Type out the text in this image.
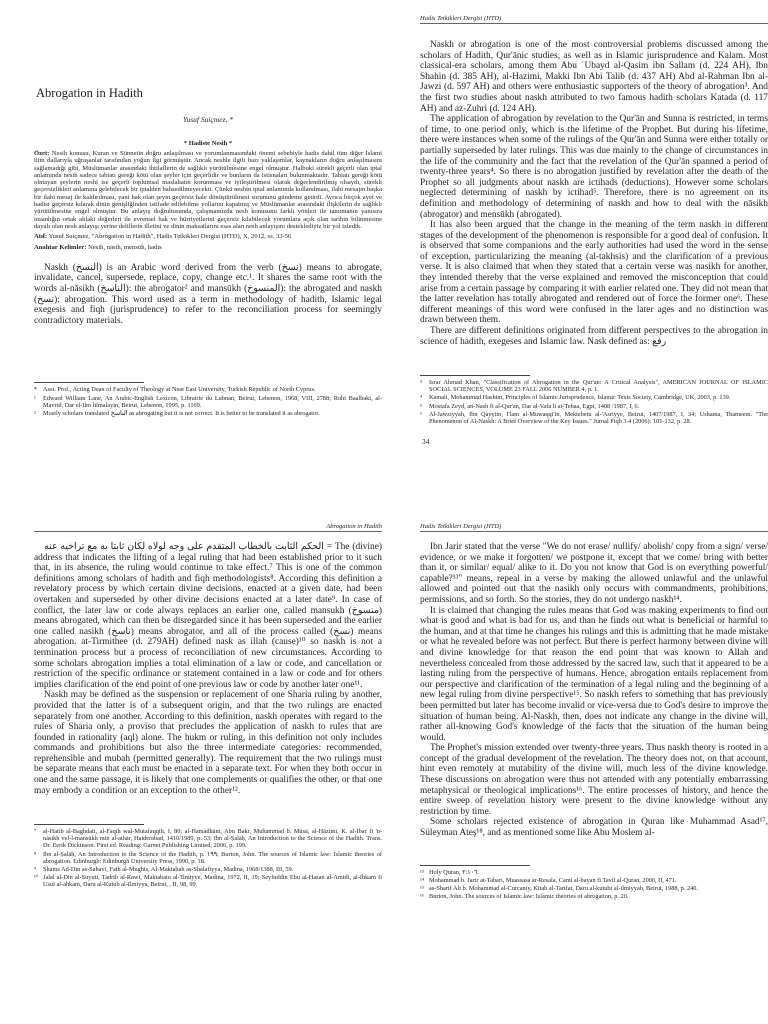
Abrogation in Hadith
Yusuf Suiçmez, *
* Hadiste Nesih *

Özet: Nesih konusu, Kuran ve Sünnetin doğru anlaşılması ve yorumlanmasındaki önemi sebebiyle hadis dahil tüm diğer İslami ilim dallarıyla uğraşanlar tarafından yoğun ilgi görmüştür. Ancak neshle ilgili bazı yaklaşımlar, kaynakların doğru anlaşılmasını sağlamadığı gibi, Müslümanlar arasındaki ihtilaflerin de sağlıklı yürütülmesine engel olmuştur. Halbuki sürekli geçerli olan iptal anlamında nesih sadece tabiatı gereği kötü olan şeyler için geçerlidir ve bunların da istisnaları bulunmaktadır. Tabiatı gereği kötü olmayan şeylerin neshi ise geçerli toplumsal maslahatın korunması ve iyileştirilmesi olarak değerlendirilmiş olsaydı, sürekli geçersizlikleri anlamına gelebilecek bir iptalden bahsedilmeyecekti. Çünkü neshin iptal anlamında kullanılması, ilahi mesajın başka bir ilahi mesaj ile kaldırılması, yani hak olan şeyin geçersiz hale dönüştürülmesi sorununu gündeme getirdi. Ayrıca birçok ayet ve hadisi geçersiz kılarak dinin genişliğinden istifade edilebilme yollarını kapatmış ve Müslümanlar arasındaki ilişkilerin de sağlıklı yürütülmesine engel olmuştur. Bu anlayış doğrultusunda, çalışmamızda nesh konusunu farklı yönleri ile tanıtmanın yanısıra insanlığın ortak ahlaki değerleri ile evrensel hak ve hürriyetlerini geçersiz kılabilecek yorumlara açık olan tarihin bilinmesine dayalı olan nesh anlayışı yerine delillerin illetini ve dinin maksatlarını esas alan nesh anlayışını desteklediyiz bir yol izledik.

Atıf: Yusuf Suiçmez, "Abrogation in Hadith", Hadis Tetkikleri Dergisi (HTD), X, 2012, ss. 33-56

Anahtar Kelimler: Nesih, nāsih, mensūh, hadis

Naskh (النسخ) is an Arabic word derived from the verb (نسخ) means to abrogate, invalidate, cancel, supersede, replace, copy, change etc.¹. It shares the same root with the words al-nāsikh (الناسخ): the abrogator² and mansūkh (المنسوخ): the abrogated and naskh (نسخ): abrogation. This word used as a term in methodology of hadith, Islamic legal exegesis and fiqh (jurisprudence) to refer to the reconciliation process for seemingly contradictory materials.

* Asst. Prof., Acting Dean of Faculty of Theology at Near East University, Turkish Republic of North Cyprus.
¹	Edward William Lane, An Arabic-English Lexicon, Librairie du Lubnan, Beirut, Lebenon, 1968, VIII, 2788; Rohi Baalbaki, al-Mavrid, Dar el-Ilm lilmalayin, Beirut, Lebenon, 1995, p. 1169.
²	Mostly scholars translated الناسخ as abrogating but it is not correct. It is better to be translated it as abrogator.
Hadis Tetkikleri Dergisi (HTD)

Naskh or abrogation is one of the most controversial problems discussed among the scholars of Hadith, Qur'ānic studies, as well as in Islamic jurisprudence and Kalam. Most classical-era scholars, among them Abu ʿUbayd al-Qasim ibn Sallam (d. 224 AH), Ibn Shahin (d. 385 AH), al-Hazimi, Makki Ibn Abi Talib (d. 437 AH) Abd al-Rahman Ibn al-Jawzi (d. 597 AH) and others were enthusiastic supporters of the theory of abrogation³. And the first two studies about naskh attributed to two famous hadith scholars Katada (d. 117 AH) and az-Zuhri (d. 124 AH).

The application of abrogation by revelation to the Qur'ān and Sunna is restricted, in terms of time, to one period only, which is the lifetime of the Prophet. But during his lifetime, there were instances when some of the rulings of the Qur'ān and Sunna were either totally or partially superseded by later rulings. This was due mainly to the change of circumstances in the life of the community and the fact that the revelation of the Qur'ān spanned a period of twenty-three years⁴. So there is no abrogation justified by revelation after the death of the Prophet so all judgments about naskh are ictihads (deductions). However some scholars neglected determining of naskh by ictihad⁵. Therefore, there is no agreement on its definition and methodology of determining of naskh and how to deal with the nāsikh (abrogator) and mensūkh (abrogated).

It has also been argued that the change in the meaning of the term naskh in different stages of the development of the phenomenon is responsible for a good deal of confusion. It is observed that some companions and the early authorities had used the word in the sense of exception, particularizing the meaning (al-takhsis) and the clarification of a previous verse. It is also claimed that when they stated that a certain verse was nasikh for another, they intended thereby that the verse explained and removed the misconception that could arise from a certain passage by comparing it with earlier related one. They did not mean that the latter revelation has totally abrogated and rendered out of force the former one⁶. These different meanings of this word were confused in the later ages and no distinction was drawn between them.

There are different definitions originated from different perspectives to the abrogation in science of hadith, exegeses and Islamic law. Nask defined as: رفع

³	Israr Ahmad Khan, "Classification of Abrogation in the Qur'an: A Critical Analysis", AMERICAN JOURNAL OF ISLAMIC SOCIAL SCIENCES, VOLUME 23 FALL 2006 NUMBER 4, p. 1.
⁴	Kamali, Mohammad Hashim, Principles of Islamic Jurisprudence, Islamic Texts Society, Cambridge, UK, 2003, p. 139.
⁵	Mostafa Zeyd, an-Nash fi al-Qur'an, Dar al-Vafa li at-Tebaa, Egpt, 1408 /1987, I, 6.
⁶	Al-Jawziyyah, Ibn Qayyim, I'lam al-Muwaqqi'in, Mektebetu al-'Asriyye, Beirut, 1407/1987, I, 34; Ushama, Thameem. "The Phenomenon of Al-Naskh: A Brief Overview of the Key Issues." Jurnal Fiqh 3.4 (2006): 101-132, p. 28.
34
Abrogation in Hadith

الحكم الثابت بالخطاب المتقدم على وجه لولاه لكان ثابتا به مع تراخيه عنه = The (divine) address that indicates the lifting of a legal ruling that had been established prior to it such that, in its absence, the ruling would continue to take effect.⁷ This is one of the common definitions among scholars of hadith and fiqh methodologists⁸. According this definition a revelatory process by which certain divine decisions, enacted at a given date, had been overtaken and superseded by other divine decisions enacted at a later date⁹. In case of conflict, the later law or code always replaces an earlier one, called mansukh (منسوخ) means abrogated, which can then be disregarded since it has been superseded and the earlier one called nasikh (ناسخ) means abrogator, and all of the process called (نسخ) means abrogation. at-Tirmithee (d. 279AH) defined nask as illah (cause)¹⁰ so naskh is not a termination process but a process of reconciliation of new circumstances. According to some scholars abrogation implies a total elimination of a law or code, and cancellation or restriction of the specific ordinance or statement contained in a law or code and for others implies clarification of the end point of one previous law or code by another later one¹¹.

Naskh may be defined as the suspension or replacement of one Sharia ruling by another, provided that the latter is of a subsequent origin, and that the two rulings are enacted separately from one another. According to this definition, naskh operates with regard to the rules of Sharia only, a proviso that precludes the application of naskh to rules that are founded in rationality (aql) alone. The hukm or ruling, in this definition not only includes commands and prohibitions but also the three intermediate categories: recommended, reprehensible and mubah (permitted generally). The requirement that the two rulings must be separate means that each must be enacted in a separate text. For when they both occur in one and the same passage, it is likely that one complements or qualifies the other, or that one may embody a condition or an exception to the other¹².

⁷	al-Hatib al-Baghdati, al-Faqih wal-Mutafaqqih, I, 80; al-Hamadhāni, Abu Bakr, Muhammad b. Mūsā, al-Hāzimi, K. al-Ibar fi 'n-nāsikh vel-l-mansūkh min al-athār, Haiderabad, 1410/1989, p. 53; Ibn al-Ṣalāḥ, An Introduction to the Science of the Hadith. Trans. Dr. Eerik Dickinson. First ed. Reading: Garnet Publishing Limited, 2006, p. 199.
⁸	Ibn al-Ṣalāḥ, An Introduction to the Science of the Hadith, p. ١٩٩; Burton, John. The sources of Islamic law: Islamic theories of abrogation. Edinburgh: Edinburgh University Press, 1990, p. 18.
⁹	Shams Ad-Din as-Sahavi, Fath al-Mughis, Al-Maktabah as-Shalafiyya, Madina, 1968/1388, III, 59.
¹⁰ Jalal al-Din al-Suyuti, Tadrib al-Rawi, Maktabatu al-'Ilmiyye, Madina, 1972, II, 19; Seyfuddin Ebu al-Hasan al-Amidi, al-Ihkam fi Usul al-ahkam, Daru al-Kutub al-Ilmiyya, Beirut, , II, 98, 99.
Hadis Tetkikleri Dergisi (HTD)

Ibn Jarir stated that the verse "We do not erase/ nullify/ abolish/ copy from a sign/ verse/ evidence, or we make it forgotten/ we postpone it, except that we come/ bring with better than it, or similar/ equal/ alike to it. Do you not know that God is on everything powerful/ capable?¹³" means, repeal in a verse by making the allowed unlawful and the unlawful allowed and pointed out that the nasikh only occurs with commandments, prohibitions, permissions, and so forth. So the stories, they do not undergo naskh¹⁴.

It is claimed that changing the rules means that God was making experiments to find out what is good and what is bad for us, and than he finds out what is beneficial or harmful to the human, and at that time he changes his rulings and this is admitting that he made mistake or what he revealed before was not perfect. But there is perfect harmony between divine will and divine knowledge for that reason the end point that was known to Allah and nevertheless concealed from those addressed by the sacred law, such that it appeared to be a lasting ruling from the perspective of humans. Hence, abrogation entails replacement from our perspective and clarification of the termination of a legal ruling and the beginning of a new legal ruling from divine perspective¹⁵. So naskh refers to something that has previously been permitted but later has become invalid or vice-versa due to God's desire to improve the situation of human being. Al-Naskh, then, does not indicate any change in the divine will, rather all-knowing God's knowledge of the facts that the situation of the human being would.

The Prophet's mission extended over twenty-three years. Thus naskh theory is rooted in a concept of the gradual development of the revelation. The theory does not, on that account, hint even remotely at mutability of the divine will, much less of the divine knowledge. These discussions on abrogation were thus not attended with any potentially embarrassing metaphysical or theological implications¹⁶. The entire processes of history, and hence the entire sweep of revelation history were present to the divine knowledge without any restriction by time.

Some scholars rejected existence of abrogation in Quran like Muhammad Asad¹⁷, Süleyman Ateş¹⁸, and as mentioned some like Abu Moslem al-

¹³ Holy Quran, ٢:١٠٦.
¹⁴ Mohammad b. Jarir at-Tabari, Muassasa ar-Resala, Cami al-bayan fi Tavil al-Quran, 2000, II, 471.
¹⁵ as-Sharif Ali b. Mohammad al-Curcaniy, Kitab al-Tarifat, Daru al-kutubi al-ilmiyyah, Beirut, 1988, p. 240.
¹⁶ Burton, John. The sources of Islamic law: Islamic theories of abrogation, p. 20.
